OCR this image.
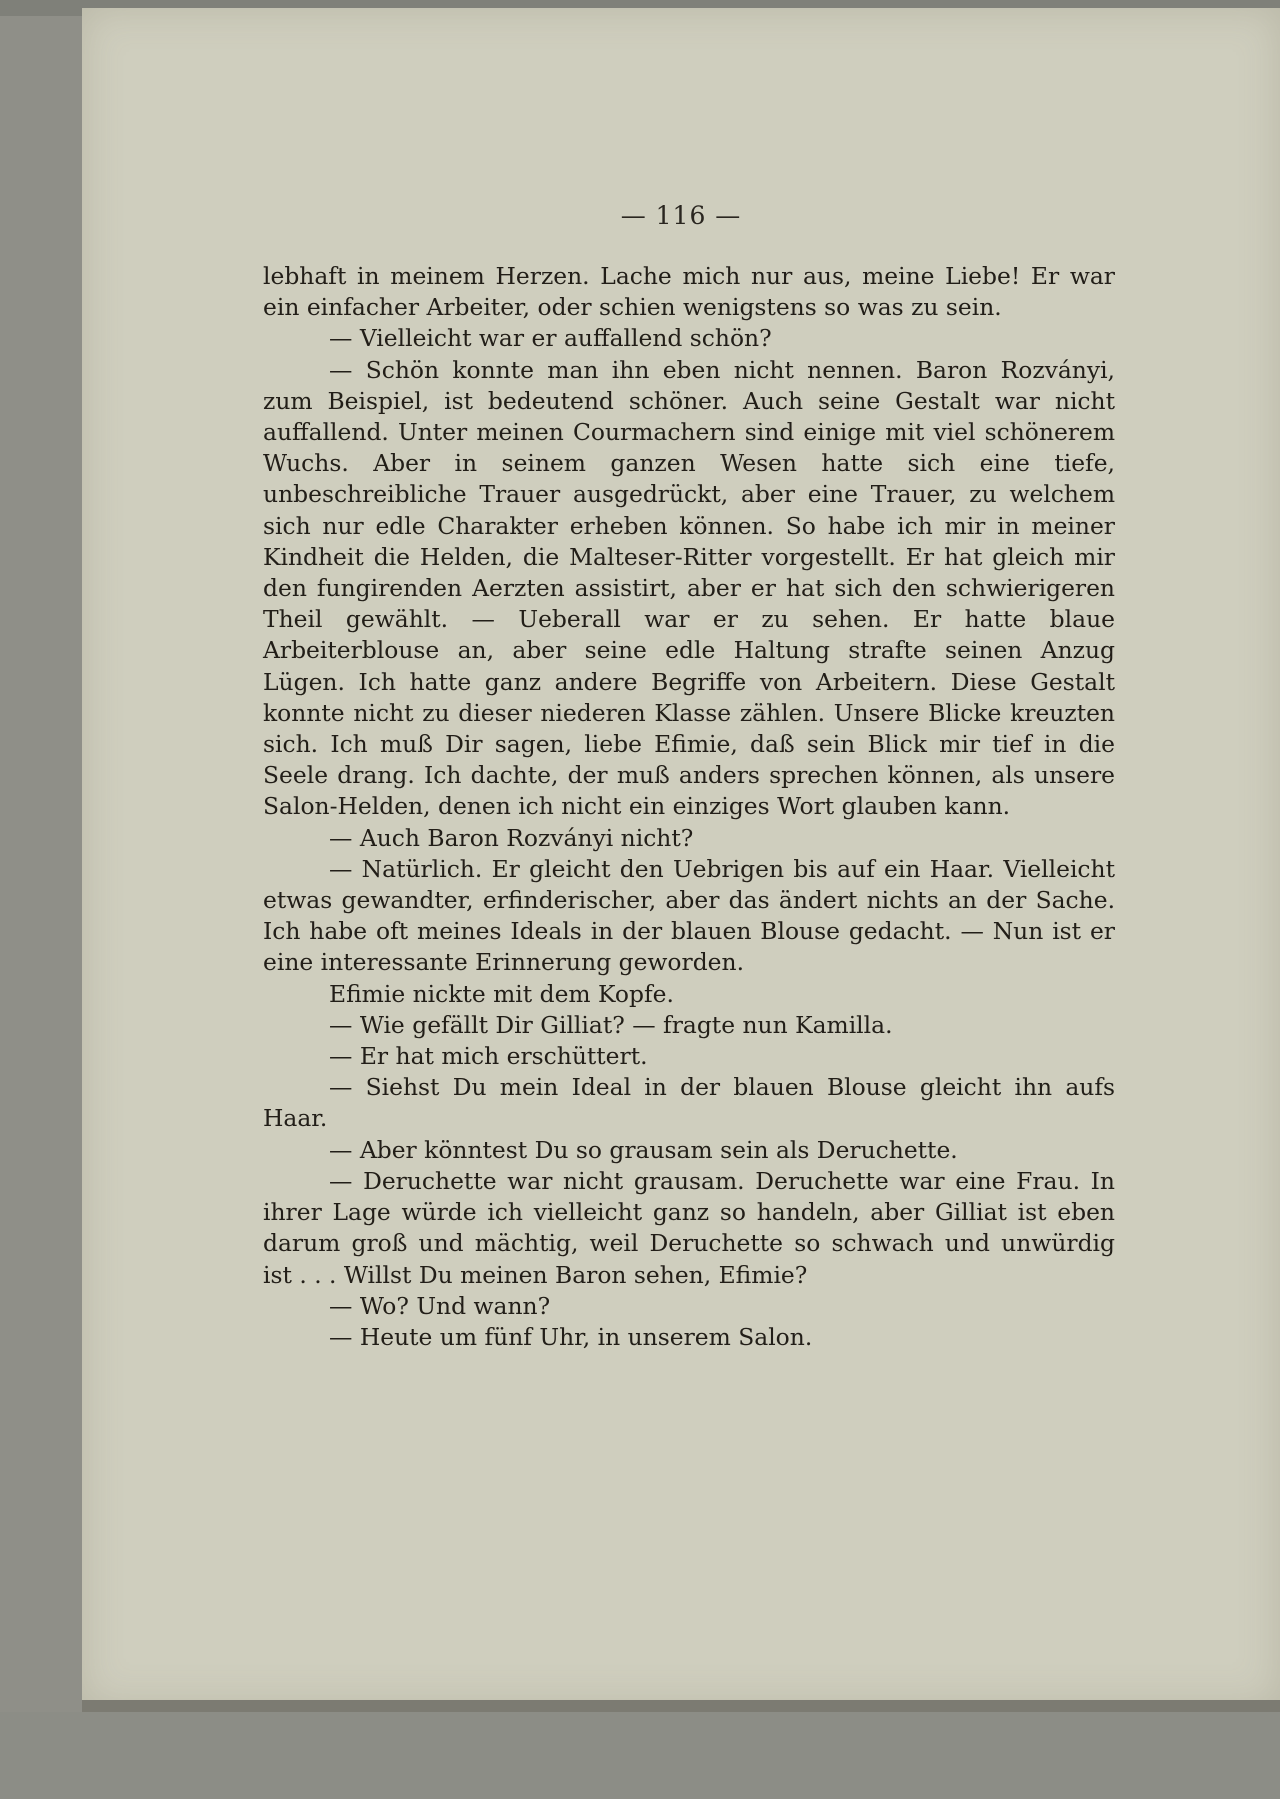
— 116 —

lebhaft in meinem Herzen. Lache mich nur aus, meine Liebe! Er war ein einfacher Arbeiter, oder schien wenigstens so was zu sein.

— Vielleicht war er auffallend schön?

— Schön konnte man ihn eben nicht nennen. Baron Rozványi, zum Beispiel, ist bedeutend schöner. Auch seine Gestalt war nicht auffallend. Unter meinen Courmachern sind einige mit viel schönerem Wuchs. Aber in seinem ganzen Wesen hatte sich eine tiefe, unbeschreibliche Trauer ausgedrückt, aber eine Trauer, zu welchem sich nur edle Charakter erheben können. So habe ich mir in meiner Kindheit die Helden, die Malteser-Ritter vorgestellt. Er hat gleich mir den fungirenden Aerzten assistirt, aber er hat sich den schwierigeren Theil gewählt. — Ueberall war er zu sehen. Er hatte blaue Arbeiterblouse an, aber seine edle Haltung strafte seinen Anzug Lügen. Ich hatte ganz andere Begriffe von Arbeitern. Diese Gestalt konnte nicht zu dieser niederen Klasse zählen. Unsere Blicke kreuzten sich. Ich muß Dir sagen, liebe Efimie, daß sein Blick mir tief in die Seele drang. Ich dachte, der muß anders sprechen können, als unsere Salon-Helden, denen ich nicht ein einziges Wort glauben kann.

— Auch Baron Rozványi nicht?

— Natürlich. Er gleicht den Uebrigen bis auf ein Haar. Vielleicht etwas gewandter, erfinderischer, aber das ändert nichts an der Sache. Ich habe oft meines Ideals in der blauen Blouse gedacht. — Nun ist er eine interessante Erinnerung geworden.

Efimie nickte mit dem Kopfe.

— Wie gefällt Dir Gilliat? — fragte nun Kamilla.

— Er hat mich erschüttert.

— Siehst Du mein Ideal in der blauen Blouse gleicht ihn aufs Haar.

— Aber könntest Du so grausam sein als Deruchette.

— Deruchette war nicht grausam. Deruchette war eine Frau. In ihrer Lage würde ich vielleicht ganz so handeln, aber Gilliat ist eben darum groß und mächtig, weil Deruchette so schwach und unwürdig ist . . . Willst Du meinen Baron sehen, Efimie?

— Wo? Und wann?

— Heute um fünf Uhr, in unserem Salon.
